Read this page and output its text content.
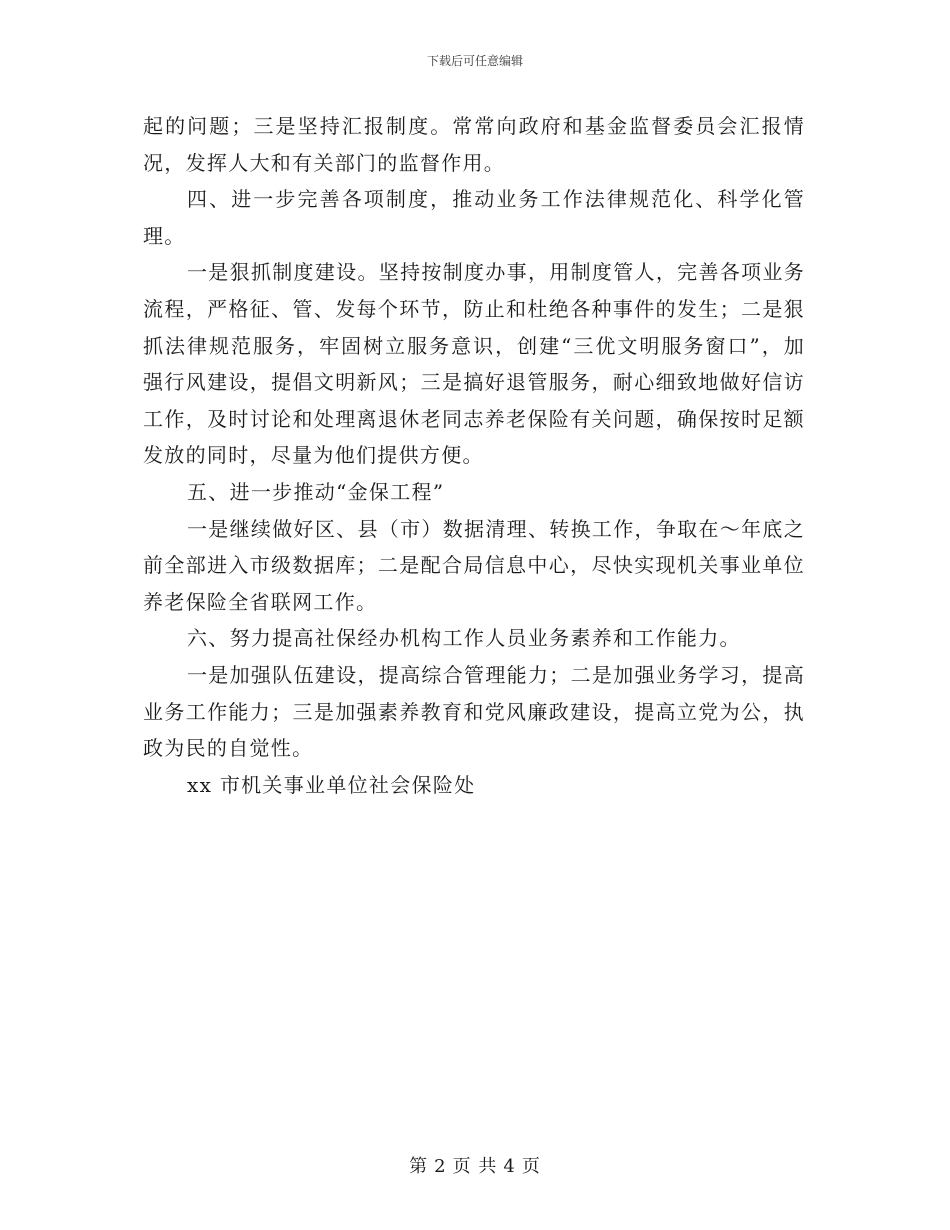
下载后可任意编辑

起的问题；三是坚持汇报制度。常常向政府和基金监督委员会汇报情况，发挥人大和有关部门的监督作用。

四、进一步完善各项制度，推动业务工作法律规范化、科学化管理。

一是狠抓制度建设。坚持按制度办事，用制度管人，完善各项业务流程，严格征、管、发每个环节，防止和杜绝各种事件的发生；二是狠抓法律规范服务，牢固树立服务意识，创建“三优文明服务窗口”，加强行风建设，提倡文明新风；三是搞好退管服务，耐心细致地做好信访工作，及时讨论和处理离退休老同志养老保险有关问题，确保按时足额发放的同时，尽量为他们提供方便。

五、进一步推动“金保工程”

一是继续做好区、县（市）数据清理、转换工作，争取在～年底之前全部进入市级数据库；二是配合局信息中心，尽快实现机关事业单位养老保险全省联网工作。

六、努力提高社保经办机构工作人员业务素养和工作能力。

一是加强队伍建设，提高综合管理能力；二是加强业务学习，提高业务工作能力；三是加强素养教育和党风廉政建设，提高立党为公，执政为民的自觉性。

xx 市机关事业单位社会保险处

第 2 页 共 4 页
